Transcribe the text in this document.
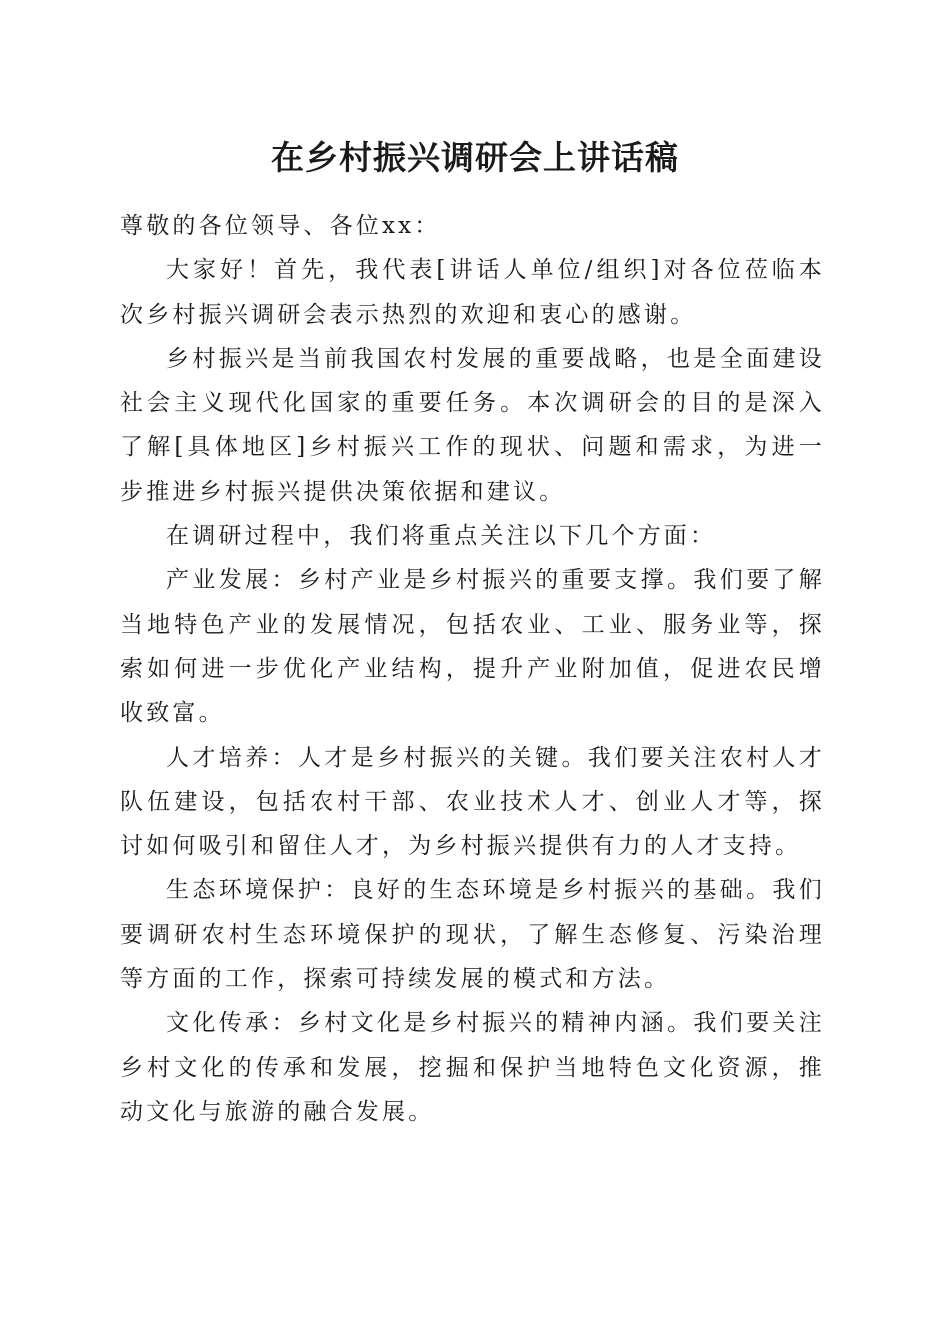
在乡村振兴调研会上讲话稿

尊敬的各位领导、各位xx：

大家好！首先，我代表[讲话人单位/组织]对各位莅临本次乡村振兴调研会表示热烈的欢迎和衷心的感谢。

乡村振兴是当前我国农村发展的重要战略，也是全面建设社会主义现代化国家的重要任务。本次调研会的目的是深入了解[具体地区]乡村振兴工作的现状、问题和需求，为进一步推进乡村振兴提供决策依据和建议。

在调研过程中，我们将重点关注以下几个方面：

产业发展：乡村产业是乡村振兴的重要支撑。我们要了解当地特色产业的发展情况，包括农业、工业、服务业等，探索如何进一步优化产业结构，提升产业附加值，促进农民增收致富。

人才培养：人才是乡村振兴的关键。我们要关注农村人才队伍建设，包括农村干部、农业技术人才、创业人才等，探讨如何吸引和留住人才，为乡村振兴提供有力的人才支持。

生态环境保护：良好的生态环境是乡村振兴的基础。我们要调研农村生态环境保护的现状，了解生态修复、污染治理等方面的工作，探索可持续发展的模式和方法。

文化传承：乡村文化是乡村振兴的精神内涵。我们要关注乡村文化的传承和发展，挖掘和保护当地特色文化资源，推动文化与旅游的融合发展。
